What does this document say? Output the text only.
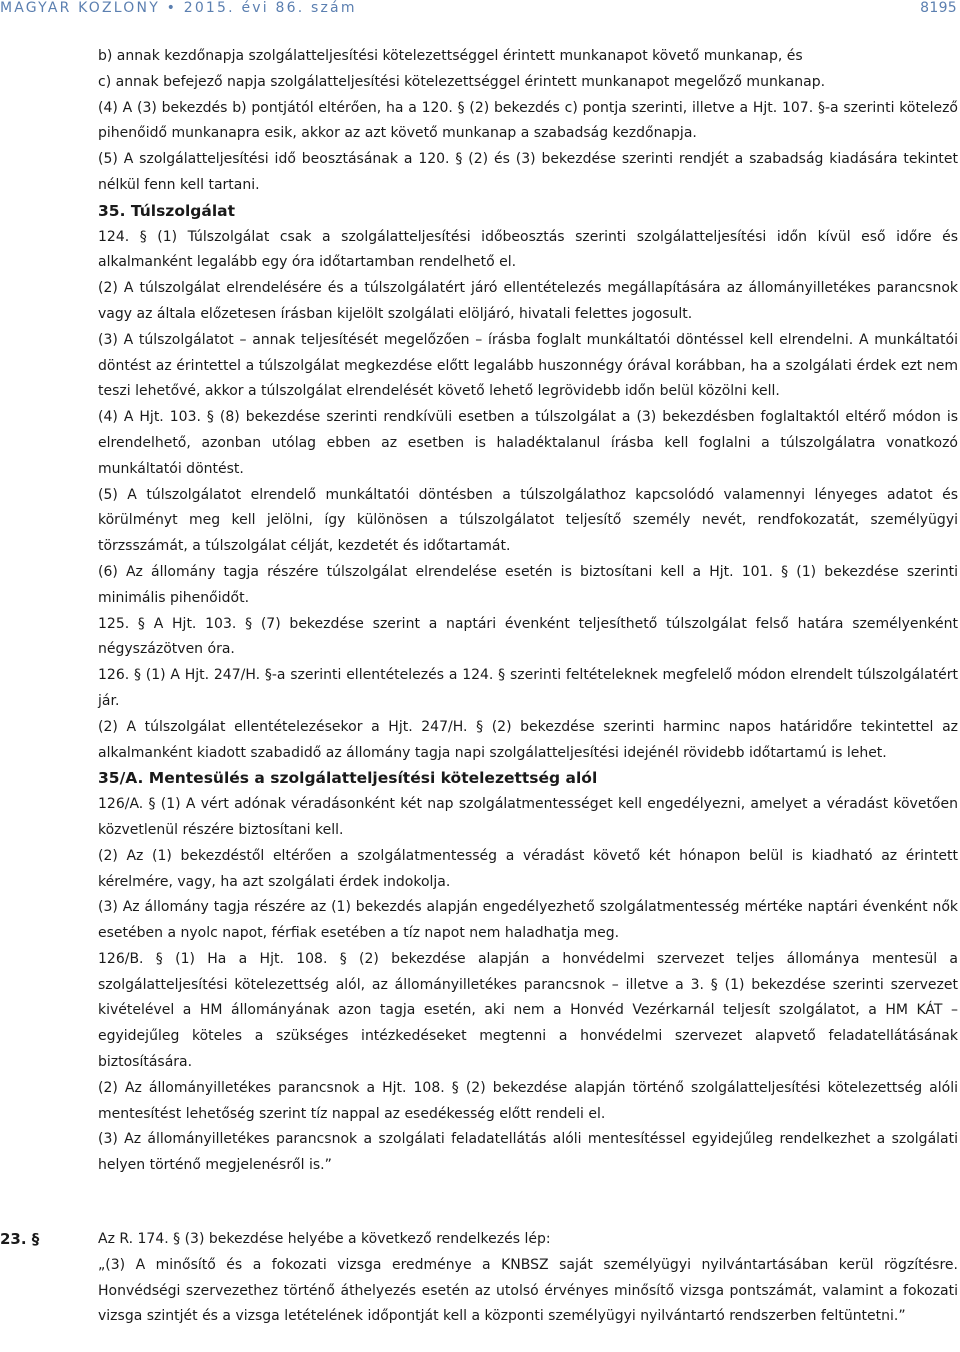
MAGYAR KÖZLÖNY • 2015. évi 86. szám	8195

b) annak kezdőnapja szolgálatteljesítési kötelezettséggel érintett munkanapot követő munkanap, és

c) annak befejező napja szolgálatteljesítési kötelezettséggel érintett munkanapot megelőző munkanap.

(4) A (3) bekezdés b) pontjától eltérően, ha a 120. § (2) bekezdés c) pontja szerinti, illetve a Hjt. 107. §-a szerinti kötelező pihenőidő munkanapra esik, akkor az azt követő munkanap a szabadság kezdőnapja.

(5) A szolgálatteljesítési idő beosztásának a 120. § (2) és (3) bekezdése szerinti rendjét a szabadság kiadására tekintet nélkül fenn kell tartani.

35. Túlszolgálat

124. § (1) Túlszolgálat csak a szolgálatteljesítési időbeosztás szerinti szolgálatteljesítési időn kívül eső időre és alkalmanként legalább egy óra időtartamban rendelhető el.

(2) A túlszolgálat elrendelésére és a túlszolgálatért járó ellentételezés megállapítására az állományilletékes parancsnok vagy az általa előzetesen írásban kijelölt szolgálati elöljáró, hivatali felettes jogosult.

(3) A túlszolgálatot – annak teljesítését megelőzően – írásba foglalt munkáltatói döntéssel kell elrendelni. A munkáltatói döntést az érintettel a túlszolgálat megkezdése előtt legalább huszonnégy órával korábban, ha a szolgálati érdek ezt nem teszi lehetővé, akkor a túlszolgálat elrendelését követő lehető legrövidebb időn belül közölni kell.

(4) A Hjt. 103. § (8) bekezdése szerinti rendkívüli esetben a túlszolgálat a (3) bekezdésben foglaltaktól eltérő módon is elrendelhető, azonban utólag ebben az esetben is haladéktalanul írásba kell foglalni a túlszolgálatra vonatkozó munkáltatói döntést.

(5) A túlszolgálatot elrendelő munkáltatói döntésben a túlszolgálathoz kapcsolódó valamennyi lényeges adatot és körülményt meg kell jelölni, így különösen a túlszolgálatot teljesítő személy nevét, rendfokozatát, személyügyi törzsszámát, a túlszolgálat célját, kezdetét és időtartamát.

(6) Az állomány tagja részére túlszolgálat elrendelése esetén is biztosítani kell a Hjt. 101. § (1) bekezdése szerinti minimális pihenőidőt.

125. § A Hjt. 103. § (7) bekezdése szerint a naptári évenként teljesíthető túlszolgálat felső határa személyenként négyszázötven óra.

126. § (1) A Hjt. 247/H. §-a szerinti ellentételezés a 124. § szerinti feltételeknek megfelelő módon elrendelt túlszolgálatért jár.

(2) A túlszolgálat ellentételezésekor a Hjt. 247/H. § (2) bekezdése szerinti harminc napos határidőre tekintettel az alkalmanként kiadott szabadidő az állomány tagja napi szolgálatteljesítési idejénél rövidebb időtartamú is lehet.

35/A. Mentesülés a szolgálatteljesítési kötelezettség alól

126/A. § (1) A vért adónak véradásonként két nap szolgálatmentességet kell engedélyezni, amelyet a véradást követően közvetlenül részére biztosítani kell.

(2) Az (1) bekezdéstől eltérően a szolgálatmentesség a véradást követő két hónapon belül is kiadható az érintett kérelmére, vagy, ha azt szolgálati érdek indokolja.

(3) Az állomány tagja részére az (1) bekezdés alapján engedélyezhető szolgálatmentesség mértéke naptári évenként nők esetében a nyolc napot, férfiak esetében a tíz napot nem haladhatja meg.

126/B. § (1) Ha a Hjt. 108. § (2) bekezdése alapján a honvédelmi szervezet teljes állománya mentesül a szolgálatteljesítési kötelezettség alól, az állományilletékes parancsnok – illetve a 3. § (1) bekezdése szerinti szervezet kivételével a HM állományának azon tagja esetén, aki nem a Honvéd Vezérkarnál teljesít szolgálatot, a HM KÁT – egyidejűleg köteles a szükséges intézkedéseket megtenni a honvédelmi szervezet alapvető feladatellátásának biztosítására.

(2) Az állományilletékes parancsnok a Hjt. 108. § (2) bekezdése alapján történő szolgálatteljesítési kötelezettség alóli mentesítést lehetőség szerint tíz nappal az esedékesség előtt rendeli el.

(3) Az állományilletékes parancsnok a szolgálati feladatellátás alóli mentesítéssel egyidejűleg rendelkezhet a szolgálati helyen történő megjelenésről is.”

23. §	Az R. 174. § (3) bekezdése helyébe a következő rendelkezés lép:

„(3) A minősítő és a fokozati vizsga eredménye a KNBSZ saját személyügyi nyilvántartásában kerül rögzítésre. Honvédségi szervezethez történő áthelyezés esetén az utolsó érvényes minősítő vizsga pontszámát, valamint a fokozati vizsga szintjét és a vizsga letételének időpontját kell a központi személyügyi nyilvántartó rendszerben feltüntetni.”
